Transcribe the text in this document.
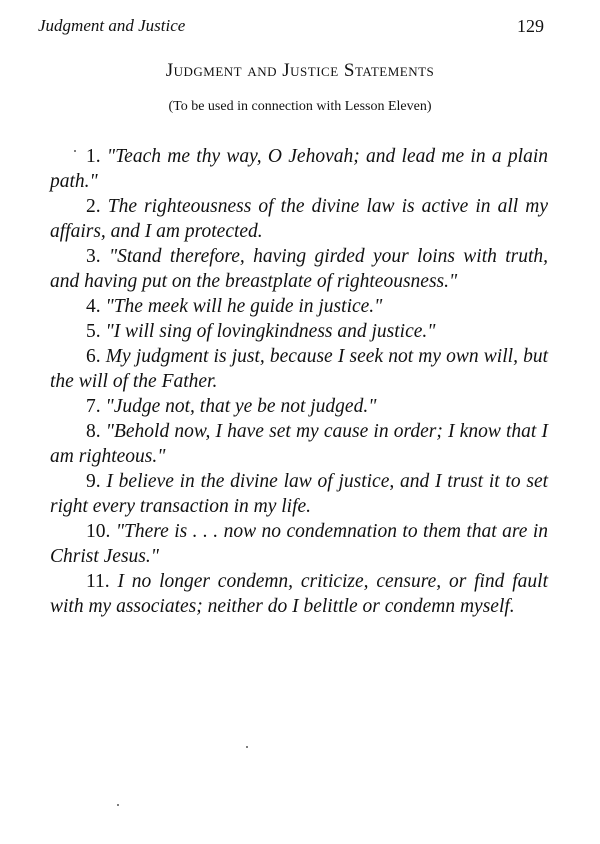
Judgment and Justice	129
Judgment and Justice Statements
(To be used in connection with Lesson Eleven)

1. "Teach me thy way, O Jehovah; and lead me in a plain path."

2. The righteousness of the divine law is active in all my affairs, and I am protected.

3. "Stand therefore, having girded your loins with truth, and having put on the breastplate of righteousness."

4. "The meek will he guide in justice."

5. "I will sing of lovingkindness and justice."

6. My judgment is just, because I seek not my own will, but the will of the Father.

7. "Judge not, that ye be not judged."

8. "Behold now, I have set my cause in order; I know that I am righteous."

9. I believe in the divine law of justice, and I trust it to set right every transaction in my life.

10. "There is . . . now no condemnation to them that are in Christ Jesus."

11. I no longer condemn, criticize, censure, or find fault with my associates; neither do I belittle or condemn myself.
